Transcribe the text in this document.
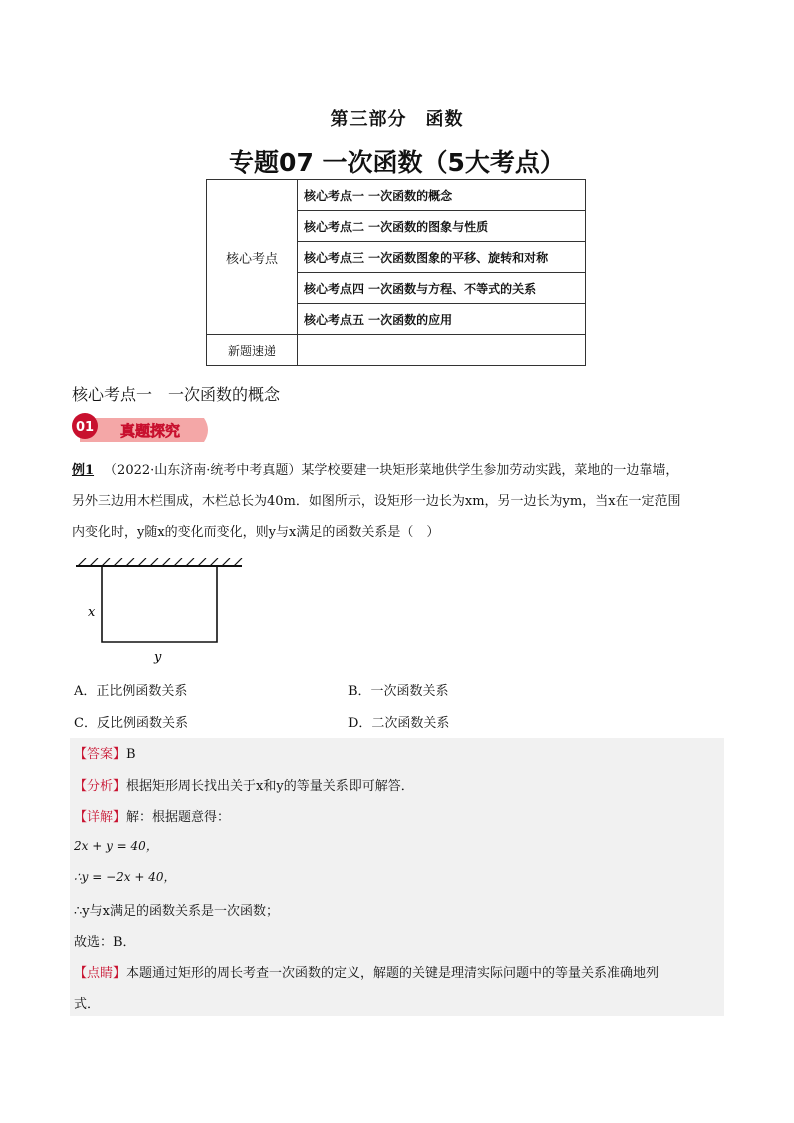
第三部分　函数
专题07 一次函数（5大考点）
核心考点	核心考点一 一次函数的概念
	核心考点二 一次函数的图象与性质
	核心考点三 一次函数图象的平移、旋转和对称
	核心考点四 一次函数与方程、不等式的关系
	核心考点五 一次函数的应用
新题速递	
核心考点一　一次函数的概念
01 真题探究
例1 （2022·山东济南·统考中考真题）某学校要建一块矩形菜地供学生参加劳动实践，菜地的一边靠墙，
另外三边用木栏围成，木栏总长为40m．如图所示，设矩形一边长为xm，另一边长为ym，当x在一定范围
内变化时，y随x的变化而变化，则y与x满足的函数关系是（　）
x
y
A．正比例函数关系	B．一次函数关系
C．反比例函数关系	D．二次函数关系
【答案】B
【分析】根据矩形周长找出关于x和y的等量关系即可解答．
【详解】解：根据题意得：
2x + y = 40，
∴y = −2x + 40，
∴y与x满足的函数关系是一次函数；
故选：B．
【点睛】本题通过矩形的周长考查一次函数的定义，解题的关键是理清实际问题中的等量关系准确地列
式．
